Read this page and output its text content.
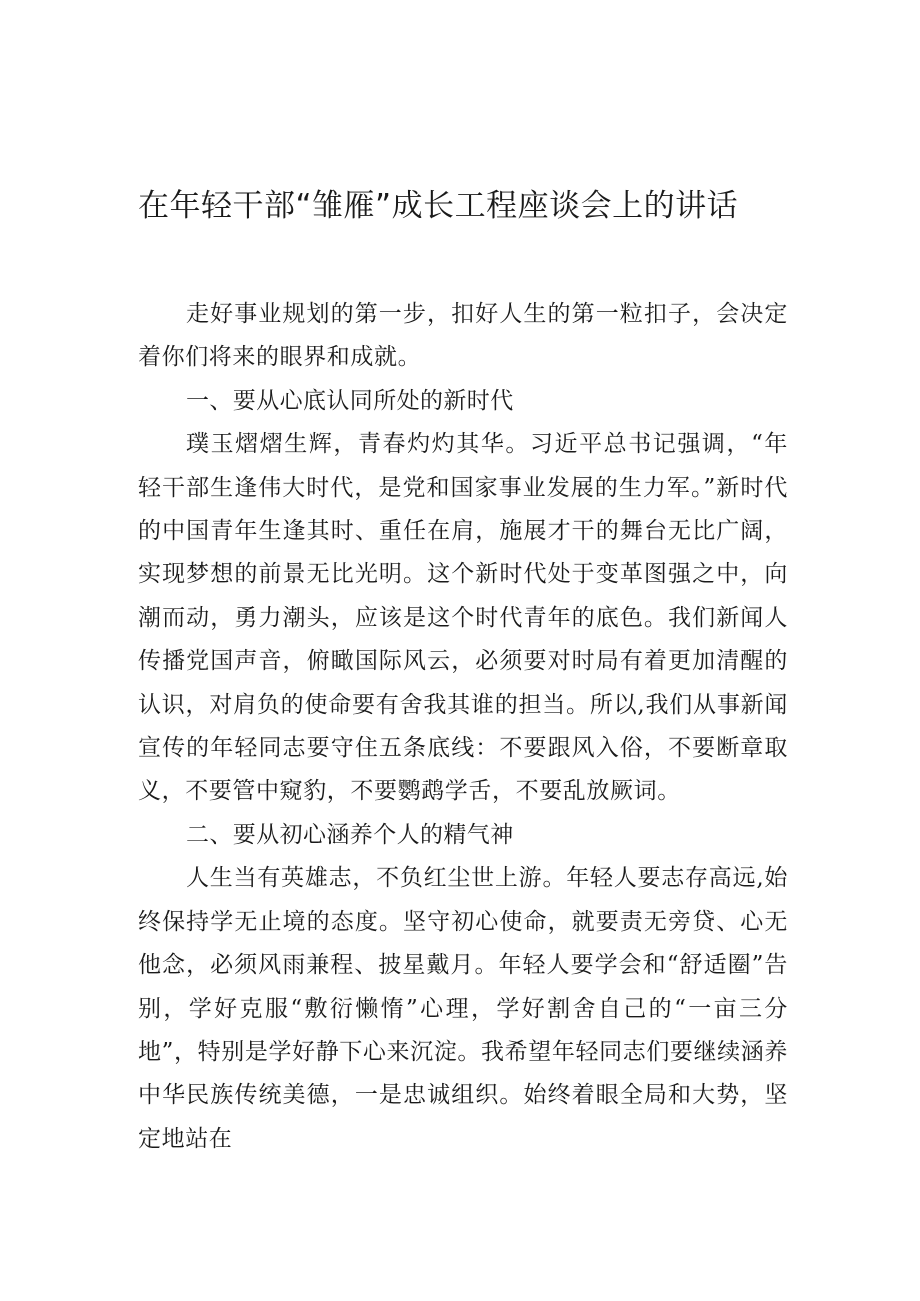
在年轻干部“雏雁”成长工程座谈会上的讲话

走好事业规划的第一步，扣好人生的第一粒扣子，会决定着你们将来的眼界和成就。

一、要从心底认同所处的新时代

璞玉熠熠生辉，青春灼灼其华。习近平总书记强调，“年轻干部生逢伟大时代，是党和国家事业发展的生力军。”新时代的中国青年生逢其时、重任在肩，施展才干的舞台无比广阔，实现梦想的前景无比光明。这个新时代处于变革图强之中，向潮而动，勇力潮头，应该是这个时代青年的底色。我们新闻人传播党国声音，俯瞰国际风云，必须要对时局有着更加清醒的认识，对肩负的使命要有舍我其谁的担当。所以,我们从事新闻宣传的年轻同志要守住五条底线：不要跟风入俗，不要断章取义，不要管中窥豹，不要鹦鹉学舌，不要乱放厥词。

二、要从初心涵养个人的精气神

人生当有英雄志，不负红尘世上游。年轻人要志存高远,始终保持学无止境的态度。坚守初心使命，就要责无旁贷、心无他念，必须风雨兼程、披星戴月。年轻人要学会和“舒适圈”告别，学好克服“敷衍懒惰”心理，学好割舍自己的“一亩三分地”，特别是学好静下心来沉淀。我希望年轻同志们要继续涵养中华民族传统美德，一是忠诚组织。始终着眼全局和大势，坚定地站在
